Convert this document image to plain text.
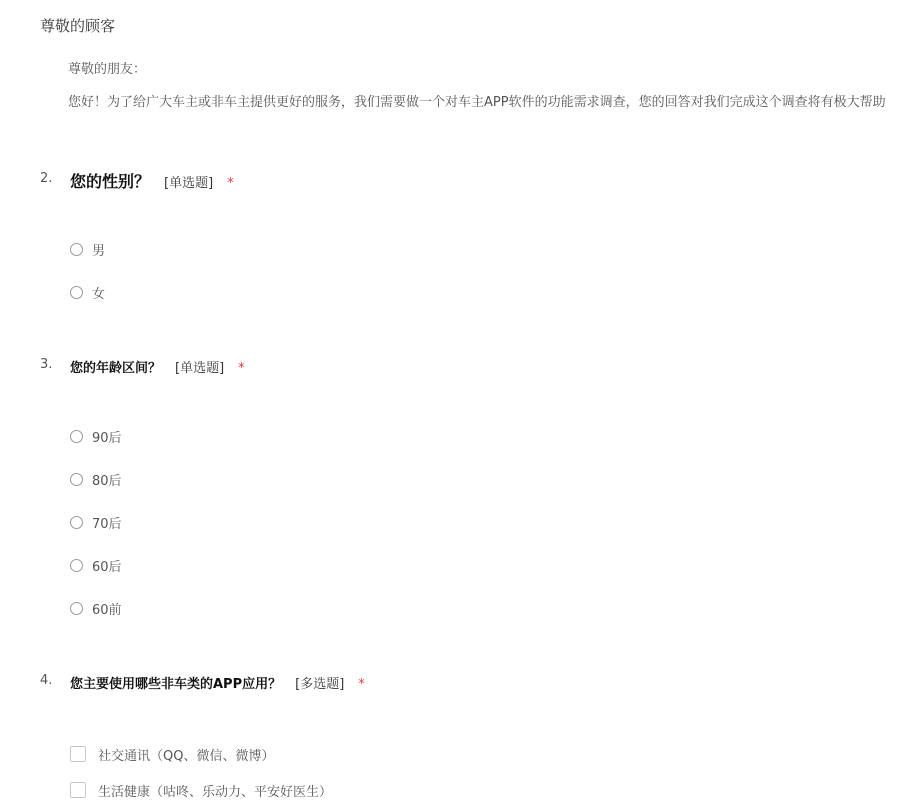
尊敬的顾客
尊敬的朋友：
您好！为了给广大车主或非车主提供更好的服务，我们需要做一个对车主APP软件的功能需求调查，您的回答对我们完成这个调查将有极大帮助
2. 您的性别？ [单选题] *
男
女
3. 您的年龄区间？ [单选题] *
90后
80后
70后
60后
60前
4. 您主要使用哪些非车类的APP应用？ [多选题] *
社交通讯（QQ、微信、微博）
生活健康（咕咚、乐动力、平安好医生）
